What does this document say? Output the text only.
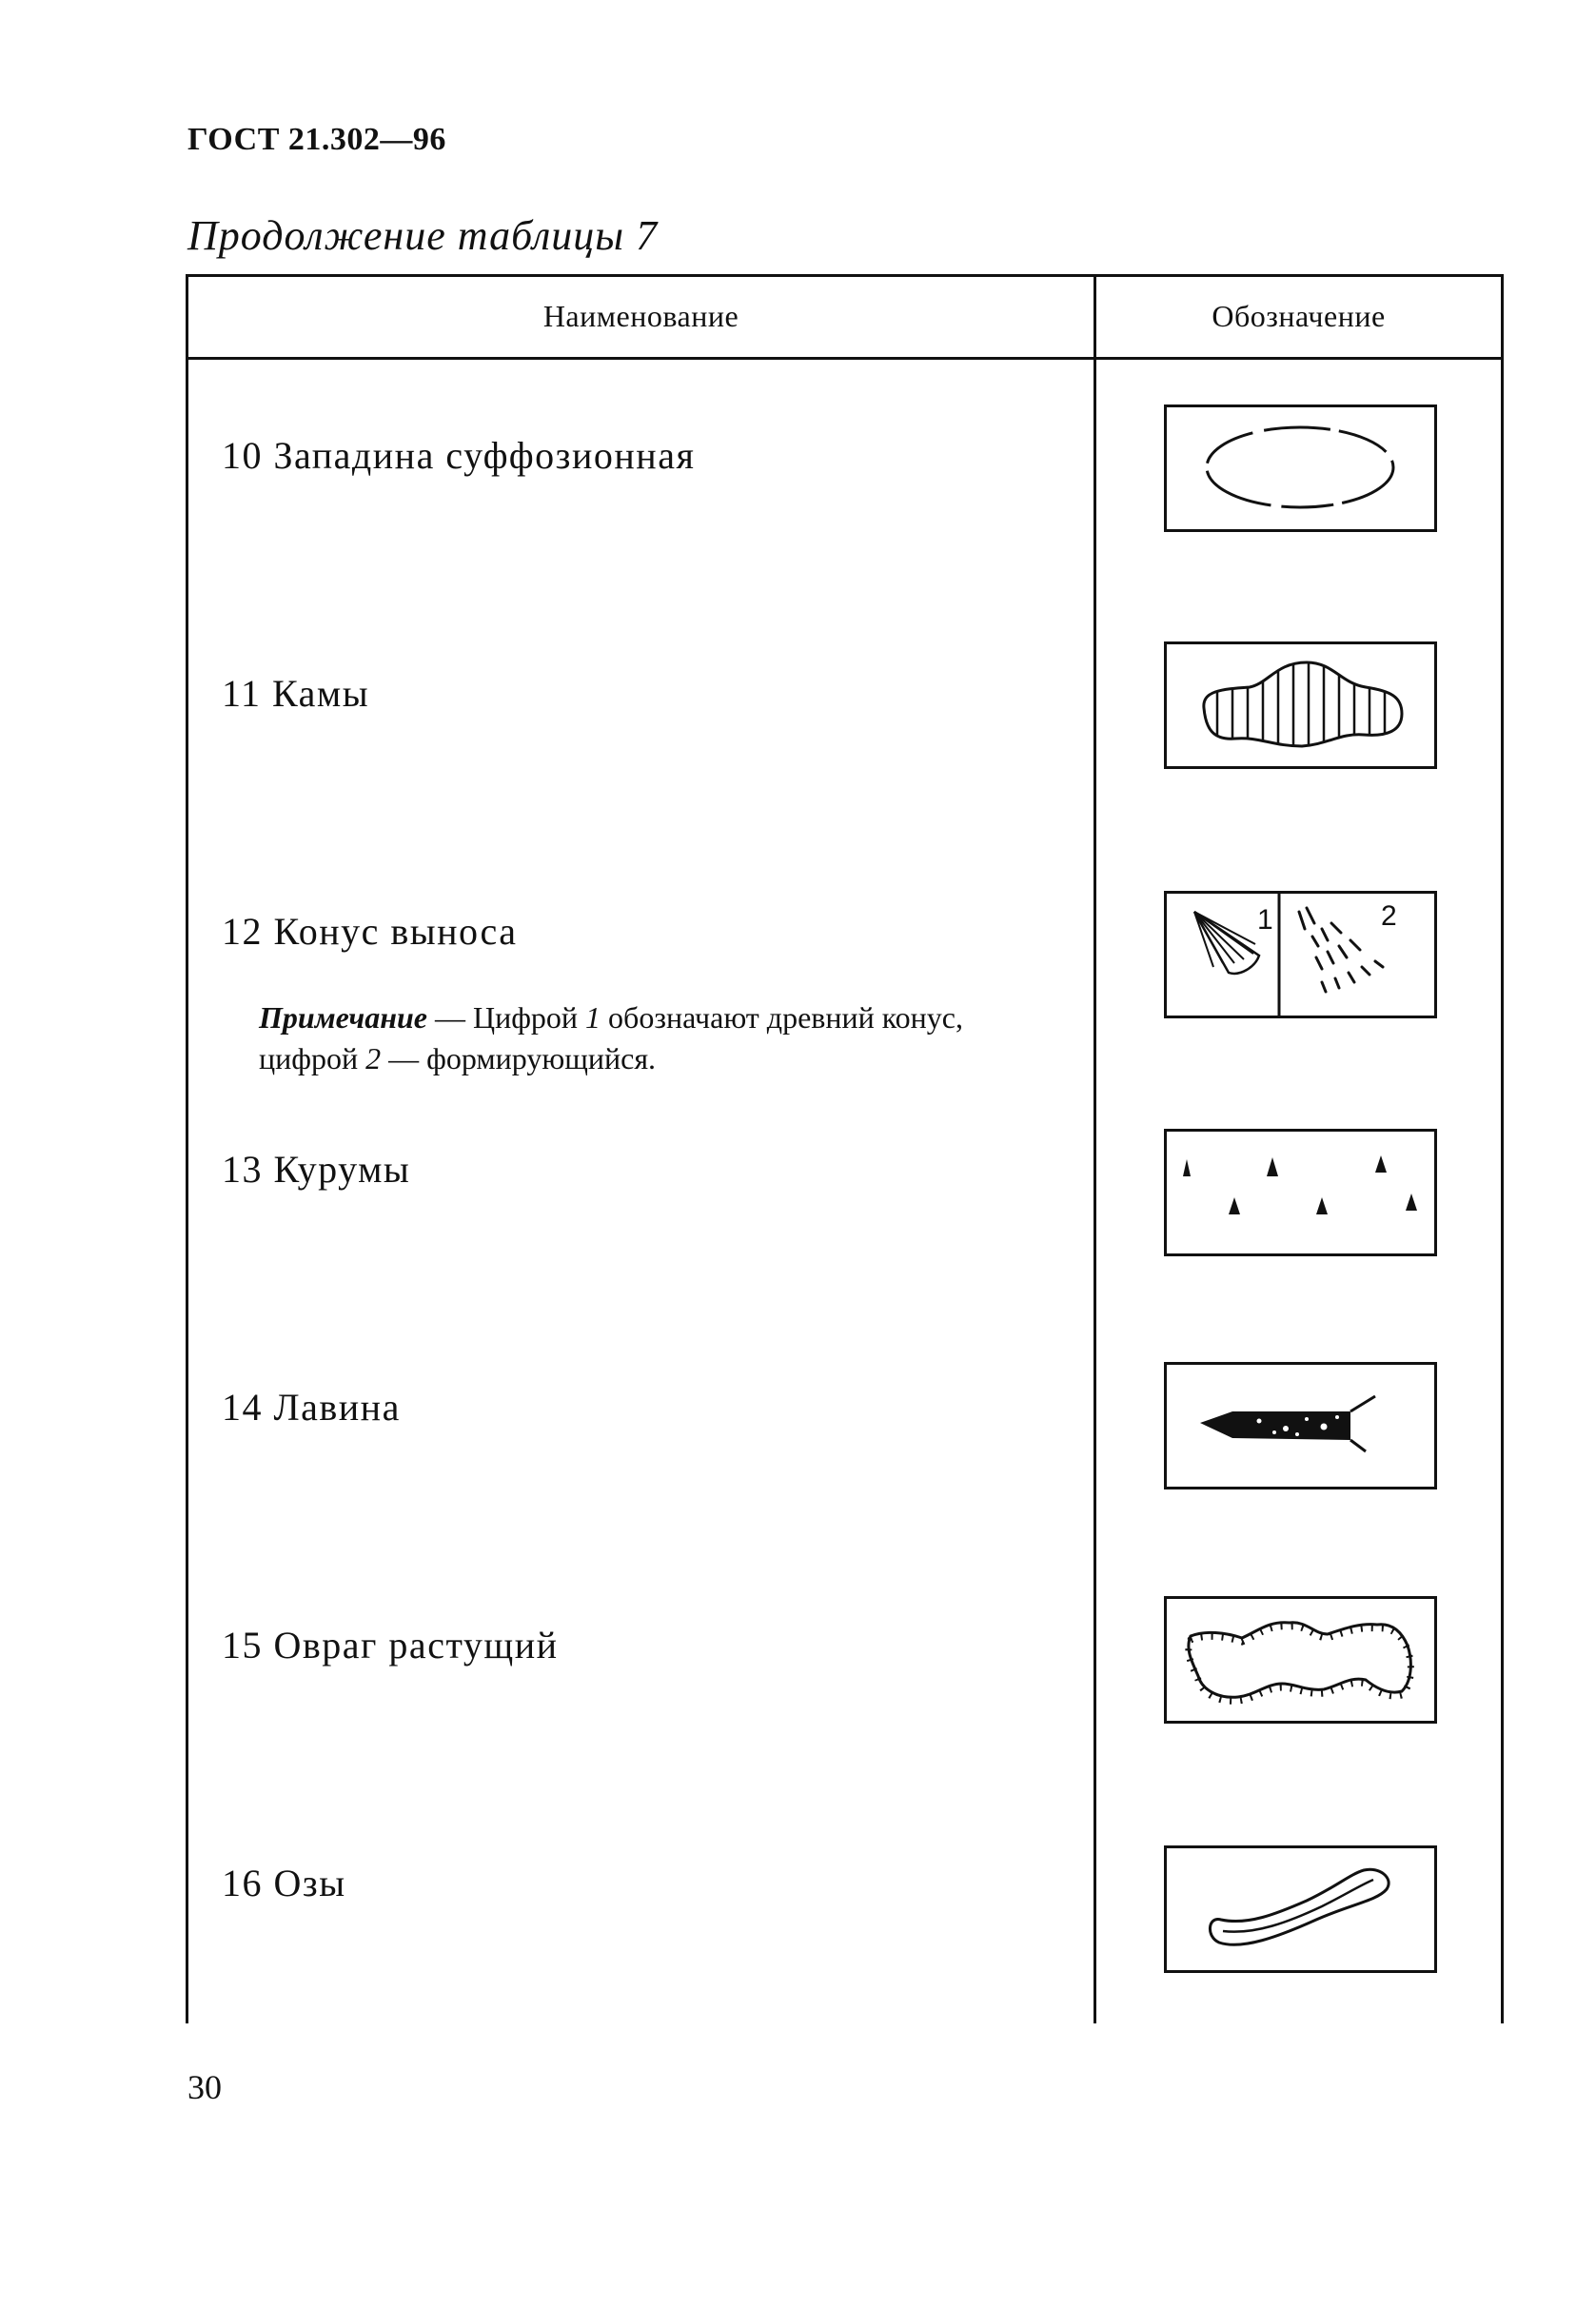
ГОСТ 21.302—96
Продолжение таблицы 7
Наименование	Обозначение
10 Западина суффозионная
11 Камы
12 Конус выноса
Примечание — Цифрой 1 обозначают древний конус,
цифрой 2 — формирующийся.
1	2
13 Курумы
14 Лавина
15 Овраг растущий
16 Озы
30
